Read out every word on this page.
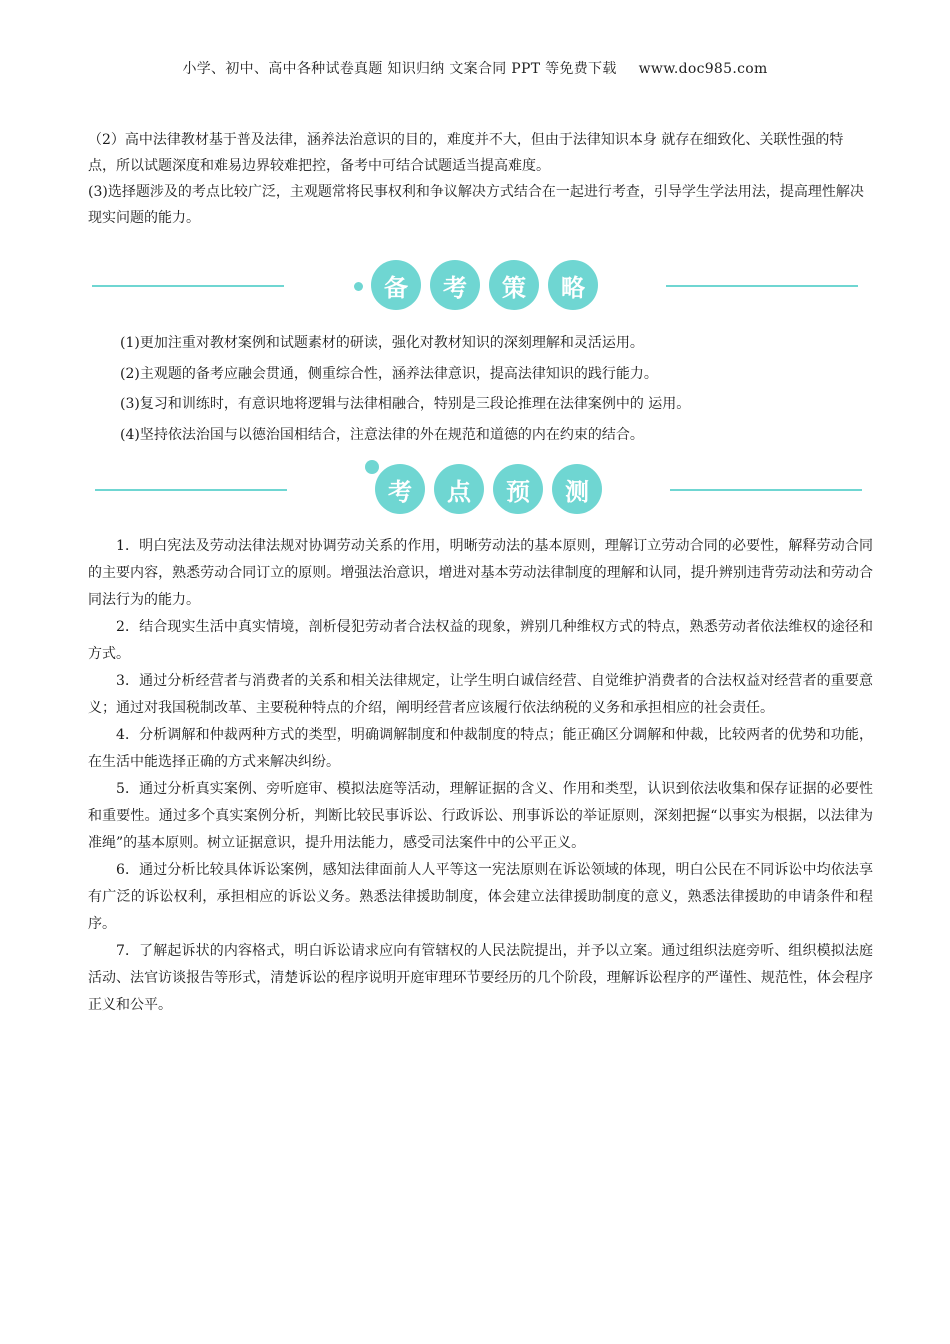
小学、初中、高中各种试卷真题 知识归纳 文案合同 PPT 等免费下载 www.doc985.com

（2）高中法律教材基于普及法律，涵养法治意识的目的，难度并不大，但由于法律知识本身 就存在细致化、关联性强的特点，所以试题深度和难易边界较难把控，备考中可结合试题适当提高难度。

(3)选择题涉及的考点比较广泛，主观题常将民事权利和争议解决方式结合在一起进行考查，引导学生学法用法，提高理性解决现实问题的能力。

备	考	策	略

(1)更加注重对教材案例和试题素材的研读，强化对教材知识的深刻理解和灵活运用。

(2)主观题的备考应融会贯通，侧重综合性，涵养法律意识，提高法律知识的践行能力。

(3)复习和训练时，有意识地将逻辑与法律相融合，特别是三段论推理在法律案例中的 运用。

(4)坚持依法治国与以德治国相结合，注意法律的外在规范和道德的内在约束的结合。

考	点	预	测

1．明白宪法及劳动法律法规对协调劳动关系的作用，明晰劳动法的基本原则，理解订立劳动合同的必要性，解释劳动合同的主要内容，熟悉劳动合同订立的原则。增强法治意识，增进对基本劳动法律制度的理解和认同，提升辨别违背劳动法和劳动合同法行为的能力。

2．结合现实生活中真实情境，剖析侵犯劳动者合法权益的现象，辨别几种维权方式的特点，熟悉劳动者依法维权的途径和方式。

3．通过分析经营者与消费者的关系和相关法律规定，让学生明白诚信经营、自觉维护消费者的合法权益对经营者的重要意义；通过对我国税制改革、主要税种特点的介绍，阐明经营者应该履行依法纳税的义务和承担相应的社会责任。

4．分析调解和仲裁两种方式的类型，明确调解制度和仲裁制度的特点；能正确区分调解和仲裁，比较两者的优势和功能，在生活中能选择正确的方式来解决纠纷。

5．通过分析真实案例、旁听庭审、模拟法庭等活动，理解证据的含义、作用和类型，认识到依法收集和保存证据的必要性和重要性。通过多个真实案例分析，判断比较民事诉讼、行政诉讼、刑事诉讼的举证原则，深刻把握“以事实为根据，以法律为准绳”的基本原则。树立证据意识，提升用法能力，感受司法案件中的公平正义。

6．通过分析比较具体诉讼案例，感知法律面前人人平等这一宪法原则在诉讼领域的体现，明白公民在不同诉讼中均依法享有广泛的诉讼权利，承担相应的诉讼义务。熟悉法律援助制度，体会建立法律援助制度的意义，熟悉法律援助的申请条件和程序。

7．了解起诉状的内容格式，明白诉讼请求应向有管辖权的人民法院提出，并予以立案。通过组织法庭旁听、组织模拟法庭活动、法官访谈报告等形式，清楚诉讼的程序说明开庭审理环节要经历的几个阶段，理解诉讼程序的严谨性、规范性，体会程序正义和公平。
